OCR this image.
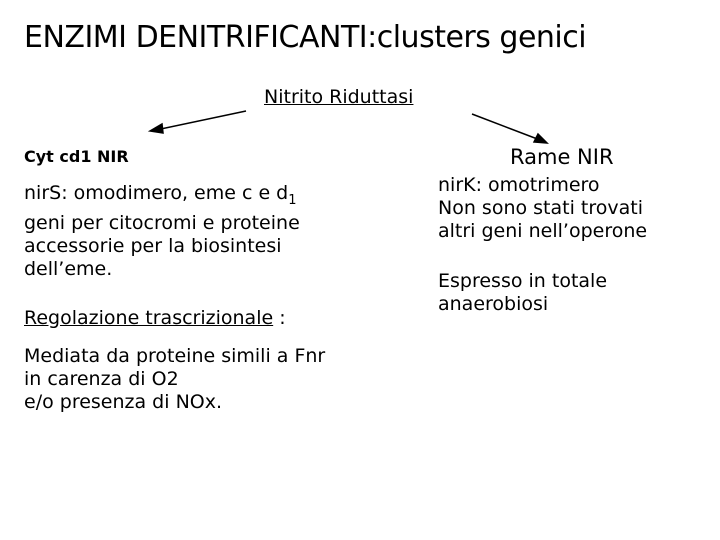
ENZIMI DENITRIFICANTI:clusters genici
Nitrito Riduttasi
Cyt cd1 NIR	Rame NIR
nirS: omodimero, eme c e $d_1$
geni per citocromi e proteine
accessorie per la biosintesi
dell’eme.
Regolazione trascrizionale :
Mediata da proteine simili a Fnr
in carenza di O2
e/o presenza di NOx.
nirK: omotrimero
Non sono stati trovati
altri geni nell’operone
Espresso in totale
anaerobiosi
